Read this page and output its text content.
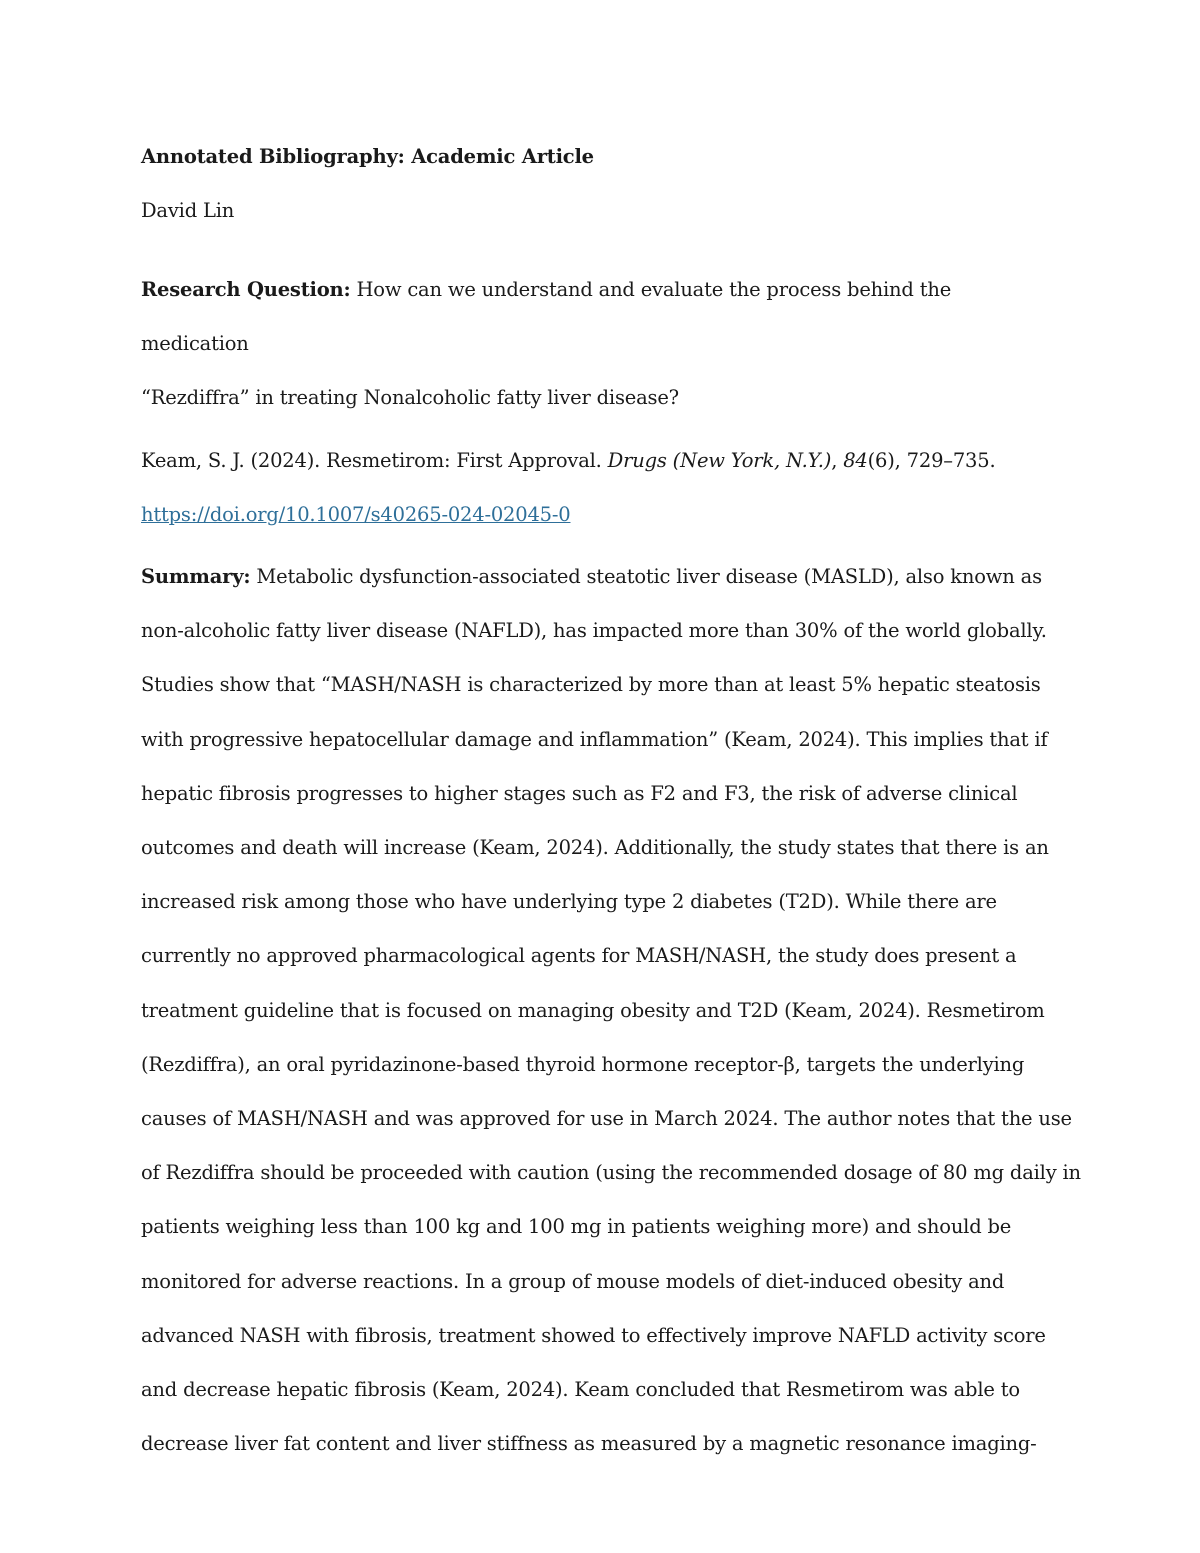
Annotated Bibliography: Academic Article

David Lin

Research Question: How can we understand and evaluate the process behind the medication
“Rezdiffra” in treating Nonalcoholic fatty liver disease?

Keam, S. J. (2024). Resmetirom: First Approval. Drugs (New York, N.Y.), 84(6), 729–735.
https://doi.org/10.1007/s40265-024-02045-0

Summary: Metabolic dysfunction-associated steatotic liver disease (MASLD), also known as
non-alcoholic fatty liver disease (NAFLD), has impacted more than 30% of the world globally.
Studies show that “MASH/NASH is characterized by more than at least 5% hepatic steatosis
with progressive hepatocellular damage and inflammation” (Keam, 2024). This implies that if
hepatic fibrosis progresses to higher stages such as F2 and F3, the risk of adverse clinical
outcomes and death will increase (Keam, 2024). Additionally, the study states that there is an
increased risk among those who have underlying type 2 diabetes (T2D). While there are
currently no approved pharmacological agents for MASH/NASH, the study does present a
treatment guideline that is focused on managing obesity and T2D (Keam, 2024). Resmetirom
(Rezdiffra), an oral pyridazinone-based thyroid hormone receptor-β, targets the underlying
causes of MASH/NASH and was approved for use in March 2024. The author notes that the use
of Rezdiffra should be proceeded with caution (using the recommended dosage of 80 mg daily in
patients weighing less than 100 kg and 100 mg in patients weighing more) and should be
monitored for adverse reactions. In a group of mouse models of diet-induced obesity and
advanced NASH with fibrosis, treatment showed to effectively improve NAFLD activity score
and decrease hepatic fibrosis (Keam, 2024). Keam concluded that Resmetirom was able to
decrease liver fat content and liver stiffness as measured by a magnetic resonance imaging-
